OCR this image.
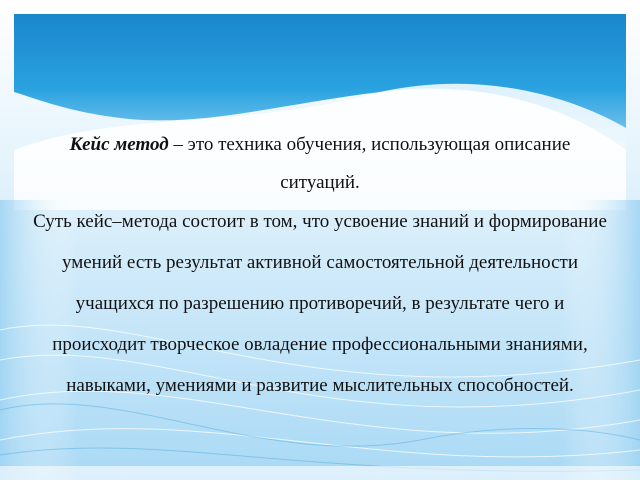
Кейс метод – это техника обучения, использующая описание ситуаций.
Суть кейс–метода состоит в том, что усвоение знаний и формирование умений есть результат активной самостоятельной деятельности учащихся по разрешению противоречий, в результате чего и происходит творческое овладение профессиональными знаниями, навыками, умениями и развитие мыслительных способностей.
